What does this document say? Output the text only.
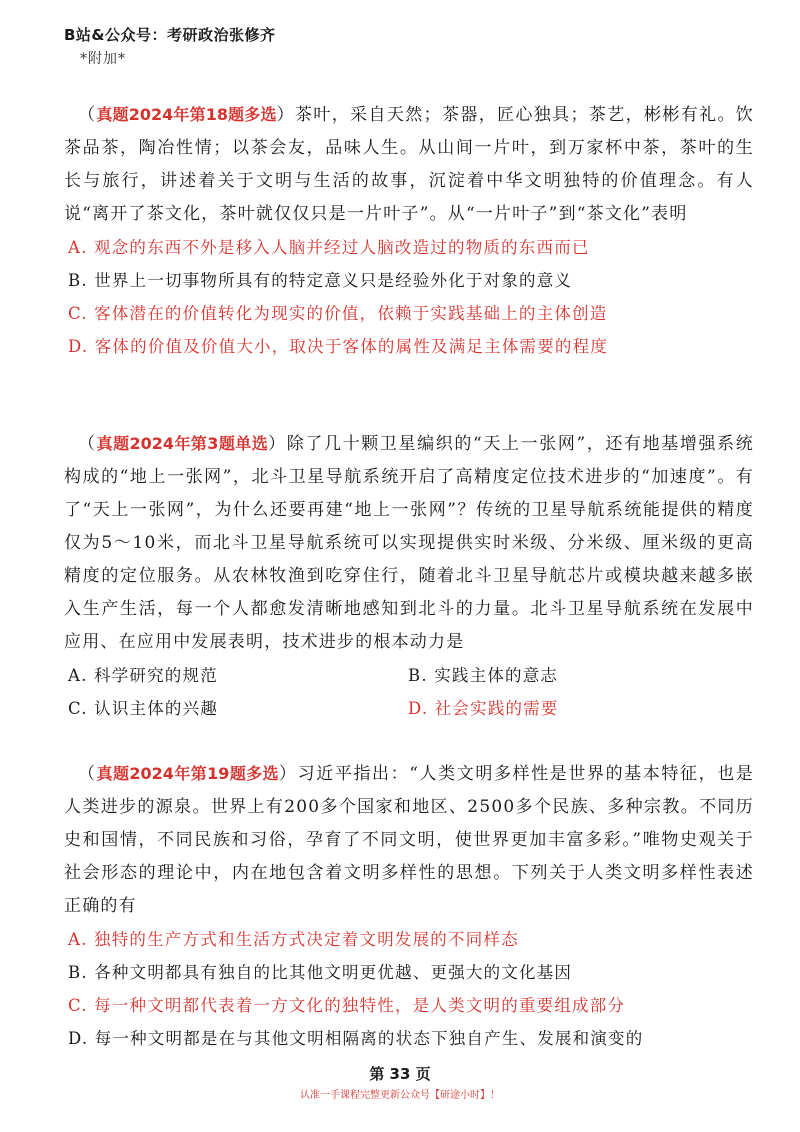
B站&公众号：考研政治张修齐
*附加*

（真题2024年第18题多选）茶叶，采自天然；茶器，匠心独具；茶艺，彬彬有礼。饮茶品茶，陶冶性情；以茶会友，品味人生。从山间一片叶，到万家杯中茶，茶叶的生长与旅行，讲述着关于文明与生活的故事，沉淀着中华文明独特的价值理念。有人说“离开了茶文化，茶叶就仅仅只是一片叶子”。从“一片叶子”到“茶文化”表明

A. 观念的东西不外是移入人脑并经过人脑改造过的物质的东西而已
B. 世界上一切事物所具有的特定意义只是经验外化于对象的意义
C. 客体潜在的价值转化为现实的价值，依赖于实践基础上的主体创造
D. 客体的价值及价值大小，取决于客体的属性及满足主体需要的程度

（真题2024年第3题单选）除了几十颗卫星编织的“天上一张网”，还有地基增强系统构成的“地上一张网”，北斗卫星导航系统开启了高精度定位技术进步的“加速度”。有了“天上一张网”，为什么还要再建“地上一张网”？传统的卫星导航系统能提供的精度仅为5～10米，而北斗卫星导航系统可以实现提供实时米级、分米级、厘米级的更高精度的定位服务。从农林牧渔到吃穿住行，随着北斗卫星导航芯片或模块越来越多嵌入生产生活，每一个人都愈发清晰地感知到北斗的力量。北斗卫星导航系统在发展中应用、在应用中发展表明，技术进步的根本动力是

A. 科学研究的规范	B. 实践主体的意志
C. 认识主体的兴趣	D. 社会实践的需要

（真题2024年第19题多选）习近平指出：“人类文明多样性是世界的基本特征，也是人类进步的源泉。世界上有200多个国家和地区、2500多个民族、多种宗教。不同历史和国情，不同民族和习俗，孕育了不同文明，使世界更加丰富多彩。”唯物史观关于社会形态的理论中，内在地包含着文明多样性的思想。下列关于人类文明多样性表述正确的有

A. 独特的生产方式和生活方式决定着文明发展的不同样态
B. 各种文明都具有独自的比其他文明更优越、更强大的文化基因
C. 每一种文明都代表着一方文化的独特性，是人类文明的重要组成部分
D. 每一种文明都是在与其他文明相隔离的状态下独自产生、发展和演变的
第 33 页
认准一手课程完整更新公众号【研途小时】！
